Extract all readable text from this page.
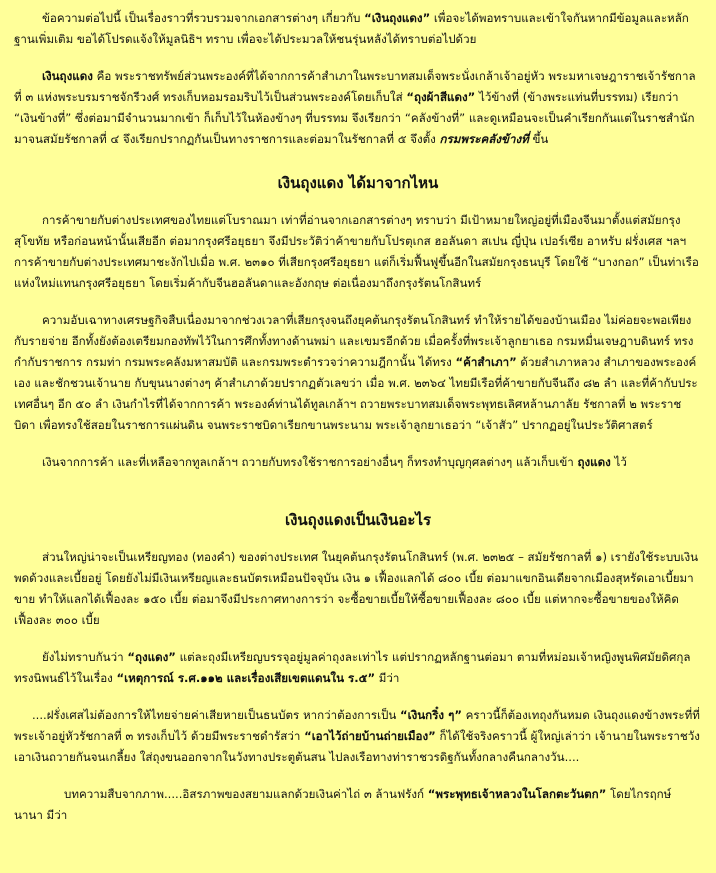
ข้อความต่อไปนี้ เป็นเรื่องราวที่รวบรวมจากเอกสารต่างๆ เกี่ยวกับ “เงินถุงแดง” เพื่อจะได้พอทราบและเข้าใจกันหากมีข้อมูลและหลักฐานเพิ่มเติม ขอได้โปรดแจ้งให้มูลนิธิฯ ทราบ เพื่อจะได้ประมวลให้ชนรุ่นหลังได้ทราบต่อไปด้วย

เงินถุงแดง คือ พระราชทรัพย์ส่วนพระองค์ที่ได้จากการค้าสำเภาในพระบาทสมเด็จพระนั่งเกล้าเจ้าอยู่หัว พระมหาเจษฎาราชเจ้ารัชกาลที่ ๓ แห่งพระบรมราชจักรีวงศ์ ทรงเก็บหอมรอมริบไว้เป็นส่วนพระองค์โดยเก็บใส่ “ถุงผ้าสีแดง” ไว้ข้างที่ (ข้างพระแท่นที่บรรทม) เรียกว่า “เงินข้างที่” ซึ่งต่อมามีจำนวนมากเข้า ก็เก็บไว้ในห้องข้างๆ ที่บรรทม จึงเรียกว่า “คลังข้างที่” และดูเหมือนจะเป็นคำเรียกกันแต่ในราชสำนักมาจนสมัยรัชกาลที่ ๔ จึงเรียกปรากฏกันเป็นทางราชการและต่อมาในรัชกาลที่ ๕ จึงตั้ง กรมพระคลังข้างที่ ขึ้น

เงินถุงแดง ได้มาจากไหน

การค้าขายกับต่างประเทศของไทยแต่โบราณมา เท่าที่อ่านจากเอกสารต่างๆ ทราบว่า มีเป้าหมายใหญ่อยู่ที่เมืองจีนมาตั้งแต่สมัยกรุงสุโขทัย หรือก่อนหน้านั้นเสียอีก ต่อมากรุงศรีอยุธยา จึงมีประวัติว่าค้าขายกับโปรตุเกส ฮอลันดา สเปน ญี่ปุ่น เปอร์เซีย อาหรับ ฝรั่งเศส ฯลฯ การค้าขายกับต่างประเทศมาชะงักไปเมื่อ พ.ศ. ๒๓๑๐ ที่เสียกรุงศรีอยุธยา แต่ก็เริ่มฟื้นฟูขึ้นอีกในสมัยกรุงธนบุรี โดยใช้ “บางกอก” เป็นท่าเรือแห่งใหม่แทนกรุงศรีอยุธยา โดยเริ่มค้ากับจีนฮอลันดาและอังกฤษ ต่อเนื่องมาถึงกรุงรัตนโกสินทร์

ความอับเฉาทางเศรษฐกิจสืบเนื่องมาจากช่วงเวลาที่เสียกรุงจนถึงยุคต้นกรุงรัตนโกสินทร์ ทำให้รายได้ของบ้านเมือง ไม่ค่อยจะพอเพียงกับรายจ่าย อีกทั้งยังต้องเตรียมกองทัพไว้ในการศึกทั้งทางด้านพม่า และเขมรอีกด้วย เมื่อครั้งที่พระเจ้าลูกยาเธอ กรมหมื่นเจษฎาบดินทร์ ทรงกำกับราชการ กรมท่า กรมพระคลังมหาสมบัติ และกรมพระตำรวจว่าความฎีกานั้น ได้ทรง “ค้าสำเภา” ด้วยสำเภาหลวง สำเภาของพระองค์เอง และชักชวนเจ้านาย กับขุนนางต่างๆ ค้าสำเภาด้วยปรากฏตัวเลขว่า เมื่อ พ.ศ. ๒๓๖๔ ไทยมีเรือที่ค้าขายกับจีนถึง ๘๒ ลำ และที่ค้ากับประเทศอื่นๆ อีก ๕๐ ลำ เงินกำไรที่ได้จากการค้า พระองค์ท่านได้ทูลเกล้าฯ ถวายพระบาทสมเด็จพระพุทธเลิศหล้านภาลัย รัชกาลที่ ๒ พระราชบิดา เพื่อทรงใช้สอยในราชการแผ่นดิน จนพระราชบิดาเรียกขานพระนาม พระเจ้าลูกยาเธอว่า “เจ้าสัว” ปรากฏอยู่ในประวัติศาสตร์

เงินจากการค้า และที่เหลือจากทูลเกล้าฯ ถวายกับทรงใช้ราชการอย่างอื่นๆ ก็ทรงทำบุญกุศลต่างๆ แล้วเก็บเข้า ถุงแดง ไว้

เงินถุงแดงเป็นเงินอะไร

ส่วนใหญ่น่าจะเป็นเหรียญทอง (ทองคำ) ของต่างประเทศ ในยุคต้นกรุงรัตนโกสินทร์ (พ.ศ. ๒๓๒๕ – สมัยรัชกาลที่ ๑) เรายังใช้ระบบเงินพดด้วงและเบี้ยอยู่ โดยยังไม่มีเงินเหรียญและธนบัตรเหมือนปัจจุบัน เงิน ๑ เฟื้องแลกได้ ๘๐๐ เบี้ย ต่อมาแขกอินเดียจากเมืองสุหรัดเอาเบี้ยมาขาย ทำให้แลกได้เฟื้องละ ๑๕๐ เบี้ย ต่อมาจึงมีประกาศทางการว่า จะซื้อขายเบี้ยให้ซื้อขายเฟื้องละ ๘๐๐ เบี้ย แต่หากจะซื้อขายของให้คิดเฟื้องละ ๓๐๐ เบี้ย

ยังไม่ทราบกันว่า “ถุงแดง” แต่ละถุงมีเหรียญบรรจุอยู่มูลค่าถุงละเท่าไร แต่ปรากฏหลักฐานต่อมา ตามที่หม่อมเจ้าหญิงพูนพิศมัยดิศกุล ทรงนิพนธ์ไว้ในเรื่อง “เหตุการณ์ ร.ศ.๑๑๒ และเรื่องเสียเขตแดนใน ร.๕” มีว่า

....ฝรั่งเศสไม่ต้องการให้ไทยจ่ายค่าเสียหายเป็นธนบัตร หากว่าต้องการเป็น “เงินกริ๋ง ๆ” คราวนี้ก็ต้องเทถุงกันหมด เงินถุงแดงข้างพระที่ที่พระเจ้าอยู่หัวรัชกาลที่ ๓ ทรงเก็บไว้ ด้วยมีพระราชดำรัสว่า “เอาไว้ถ่ายบ้านถ่ายเมือง” ก็ได้ใช้จริงคราวนี้ ผู้ใหญ่เล่าว่า เจ้านายในพระราชวัง เอาเงินถวายกันจนเกลี้ยง ใส่ถุงขนออกจากในวังทางประตูต้นสน ไปลงเรือทางท่าราชวรดิฐกันทั้งกลางคืนกลางวัน....

บทความสืบจากภาพ.....อิสรภาพของสยามแลกด้วยเงินค่าไถ่ ๓ ล้านฟรังก์ “พระพุทธเจ้าหลวงในโลกตะวันตก” โดยไกรฤกษ์ นานา มีว่า
